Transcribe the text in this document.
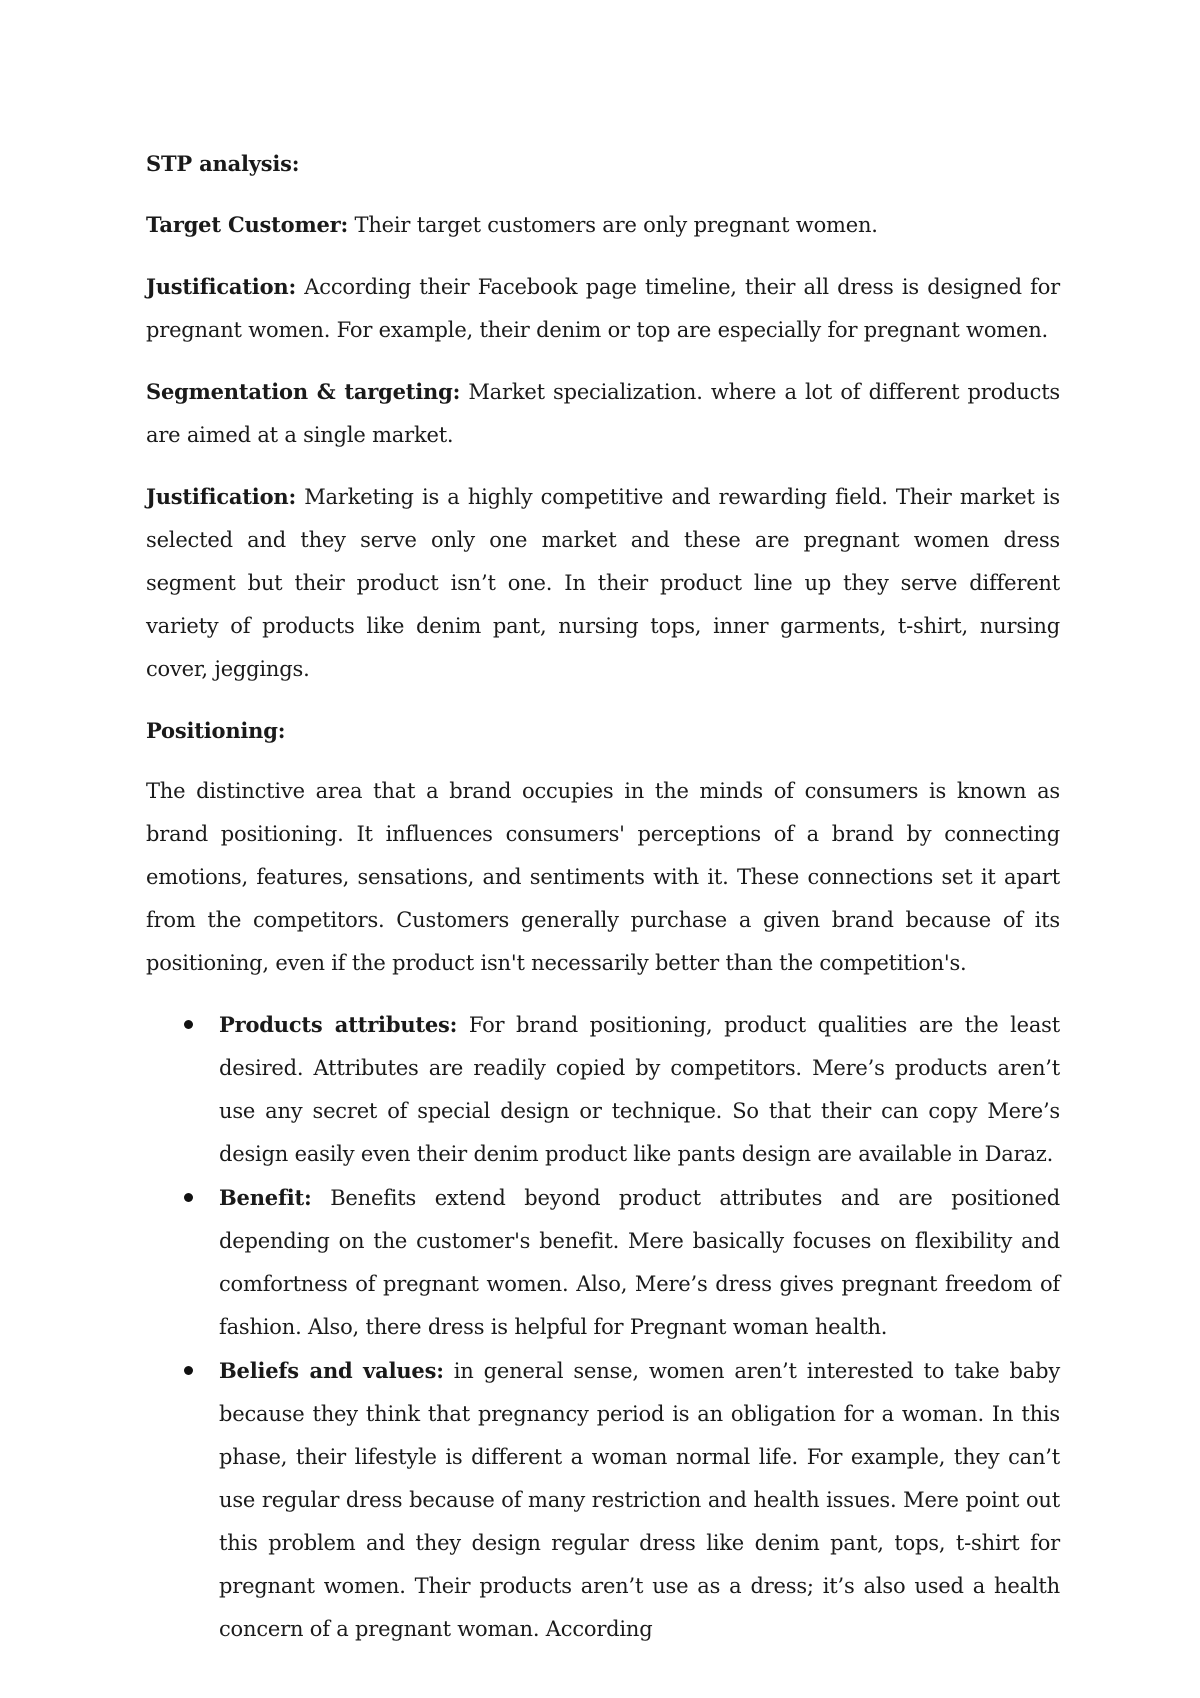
STP analysis:

Target Customer: Their target customers are only pregnant women.

Justification: According their Facebook page timeline, their all dress is designed for pregnant women. For example, their denim or top are especially for pregnant women.

Segmentation & targeting: Market specialization. where a lot of different products are aimed at a single market.

Justification: Marketing is a highly competitive and rewarding field. Their market is selected and they serve only one market and these are pregnant women dress segment but their product isn’t one. In their product line up they serve different variety of products like denim pant, nursing tops, inner garments, t-shirt, nursing cover, jeggings.

Positioning:

The distinctive area that a brand occupies in the minds of consumers is known as brand positioning. It influences consumers' perceptions of a brand by connecting emotions, features, sensations, and sentiments with it. These connections set it apart from the competitors. Customers generally purchase a given brand because of its positioning, even if the product isn't necessarily better than the competition's.

Products attributes: For brand positioning, product qualities are the least desired. Attributes are readily copied by competitors. Mere’s products aren’t use any secret of special design or technique. So that their can copy Mere’s design easily even their denim product like pants design are available in Daraz.
Benefit: Benefits extend beyond product attributes and are positioned depending on the customer's benefit. Mere basically focuses on flexibility and comfortness of pregnant women. Also, Mere’s dress gives pregnant freedom of fashion. Also, there dress is helpful for Pregnant woman health.
Beliefs and values: in general sense, women aren’t interested to take baby because they think that pregnancy period is an obligation for a woman. In this phase, their lifestyle is different a woman normal life. For example, they can’t use regular dress because of many restriction and health issues. Mere point out this problem and they design regular dress like denim pant, tops, t-shirt for pregnant women. Their products aren’t use as a dress; it’s also used a health concern of a pregnant woman. According
